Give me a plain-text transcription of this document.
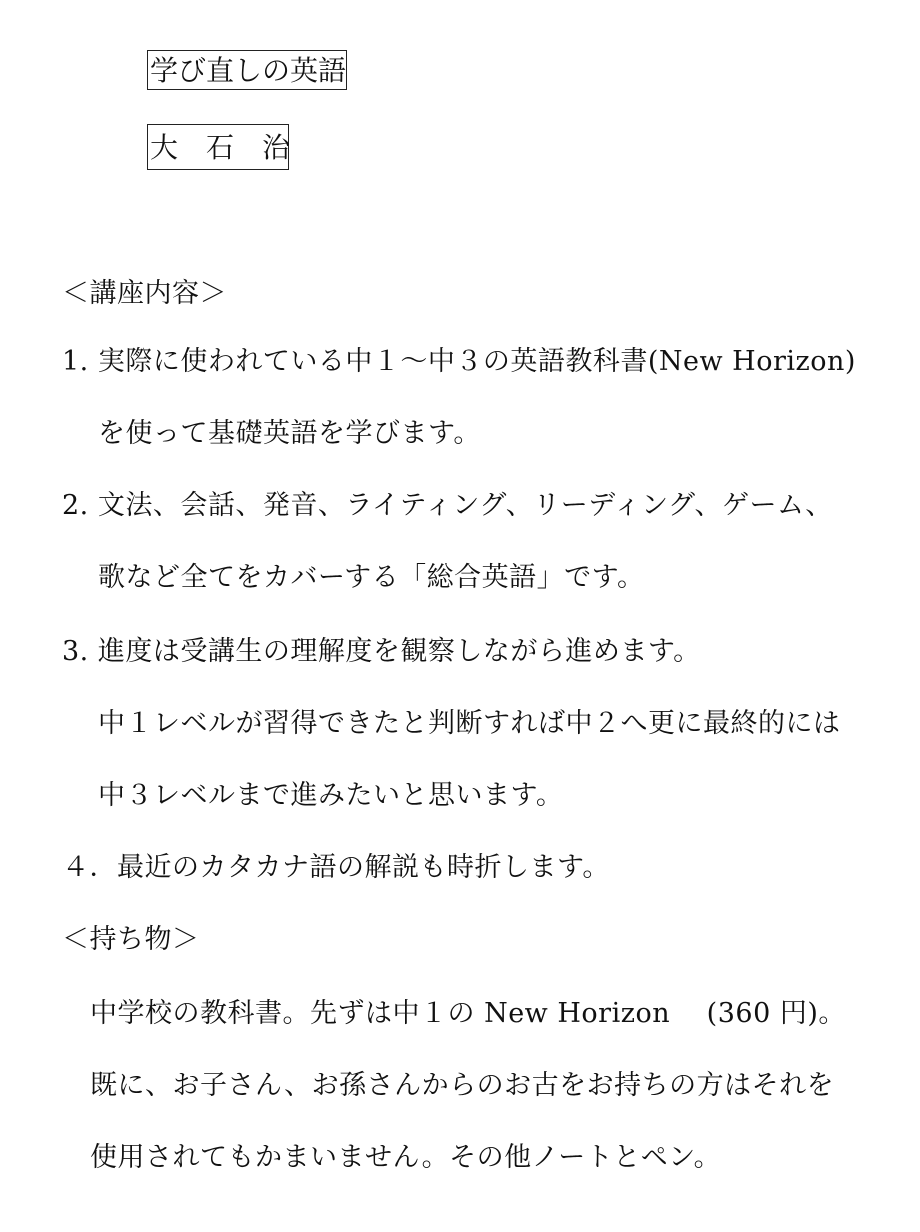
学び直しの英語
大　石　治
＜講座内容＞
1. 実際に使われている中１～中３の英語教科書(New Horizon)
を使って基礎英語を学びます。
2. 文法、会話、発音、ライティング、リーディング、ゲーム、
歌など全てをカバーする「総合英語」です。
3. 進度は受講生の理解度を観察しながら進めます。
中１レベルが習得できたと判断すれば中２へ更に最終的には
中３レベルまで進みたいと思います。
４．最近のカタカナ語の解説も時折します。
＜持ち物＞
中学校の教科書。先ずは中１の New Horizon　 (360 円)。
既に、お子さん、お孫さんからのお古をお持ちの方はそれを
使用されてもかまいません。その他ノートとペン。
